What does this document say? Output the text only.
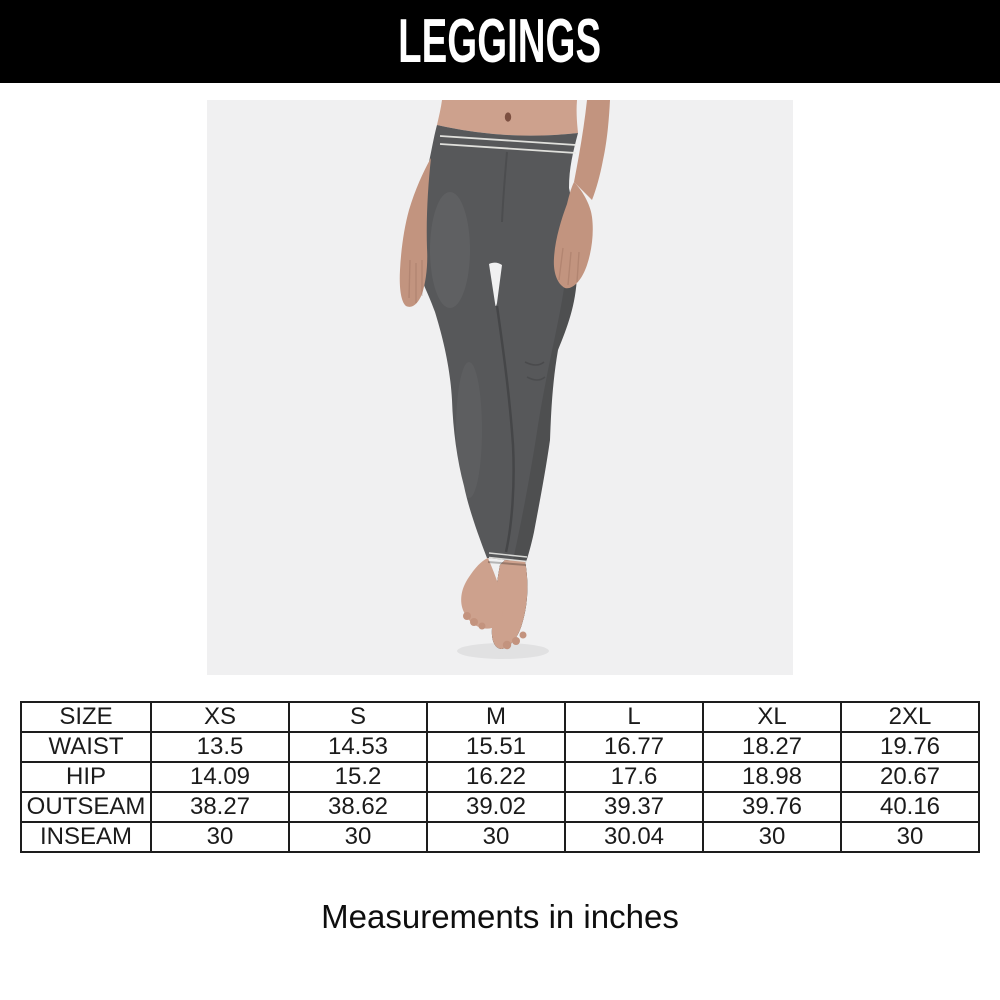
LEGGINGS
SIZE	XS	S	M	L	XL	2XL
WAIST	13.5	14.53	15.51	16.77	18.27	19.76
HIP	14.09	15.2	16.22	17.6	18.98	20.67
OUTSEAM	38.27	38.62	39.02	39.37	39.76	40.16
INSEAM	30	30	30	30.04	30	30

Measurements in inches
